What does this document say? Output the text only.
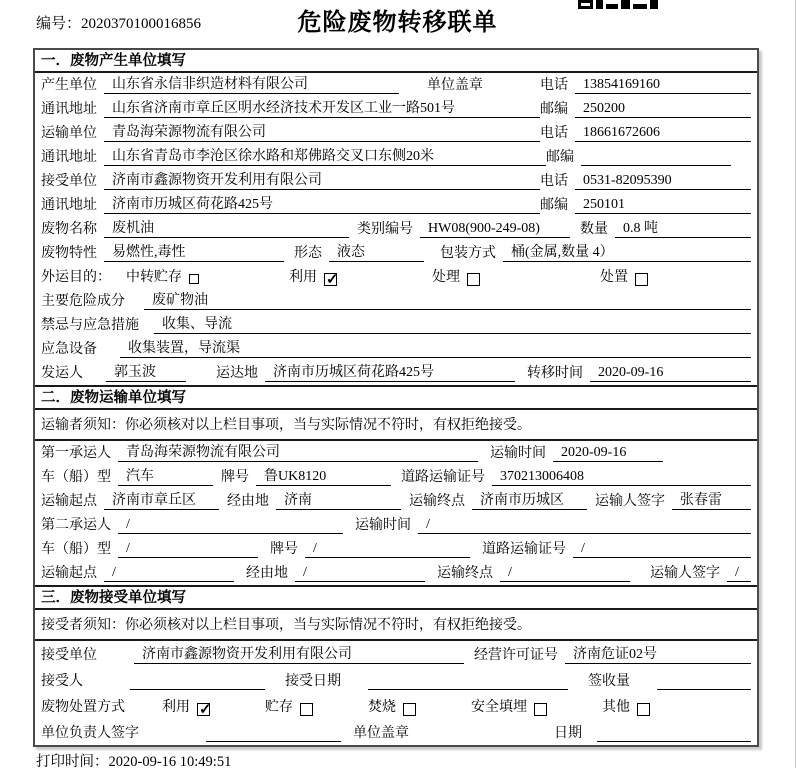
编号：2020370100016856	危险废物转移联单
一．废物产生单位填写
产生单位	山东省永信非织造材料有限公司	单位盖章	电话	13854169160
通讯地址	山东省济南市章丘区明水经济技术开发区工业一路501号	邮编	250200
运输单位	青岛海荣源物流有限公司	电话	18661672606
通讯地址	山东省青岛市李沧区徐水路和郑佛路交叉口东侧20米	邮编
接受单位	济南市鑫源物资开发利用有限公司	电话	0531-82095390
通讯地址	济南市历城区荷花路425号	邮编	250101
废物名称	废机油	类别编号	HW08(900-249-08)	数量	0.8 吨
废物特性	易燃性,毒性	形态	液态	包装方式	桶(金属,数量 4）
外运目的： 中转贮存	利用 ✓	处理	处置
主要危险成分	废矿物油
禁忌与应急措施	收集、导流
应急设备	收集装置，导流渠
发运人	郭玉波	运达地	济南市历城区荷花路425号	转移时间	2020-09-16
二．废物运输单位填写
运输者须知：你必须核对以上栏目事项，当与实际情况不符时，有权拒绝接受。
第一承运人	青岛海荣源物流有限公司	运输时间	2020-09-16
车（船）型	汽车	牌号	鲁UK8120	道路运输证号	370213006408
运输起点	济南市章丘区	经由地	济南	运输终点	济南市历城区	运输人签字	张春雷
第二承运人	/	运输时间	/
车（船）型	/	牌号	/	道路运输证号	/
运输起点	/	经由地	/	运输终点	/	运输人签字	/
三．废物接受单位填写
接受者须知：你必须核对以上栏目事项，当与实际情况不符时，有权拒绝接受。
接受单位	济南市鑫源物资开发利用有限公司	经营许可证号	济南危证02号
接受人	接受日期	签收量
废物处置方式	利用 ✓	贮存	焚烧	安全填埋	其他
单位负责人签字	单位盖章	日期
打印时间：2020-09-16 10:49:51
